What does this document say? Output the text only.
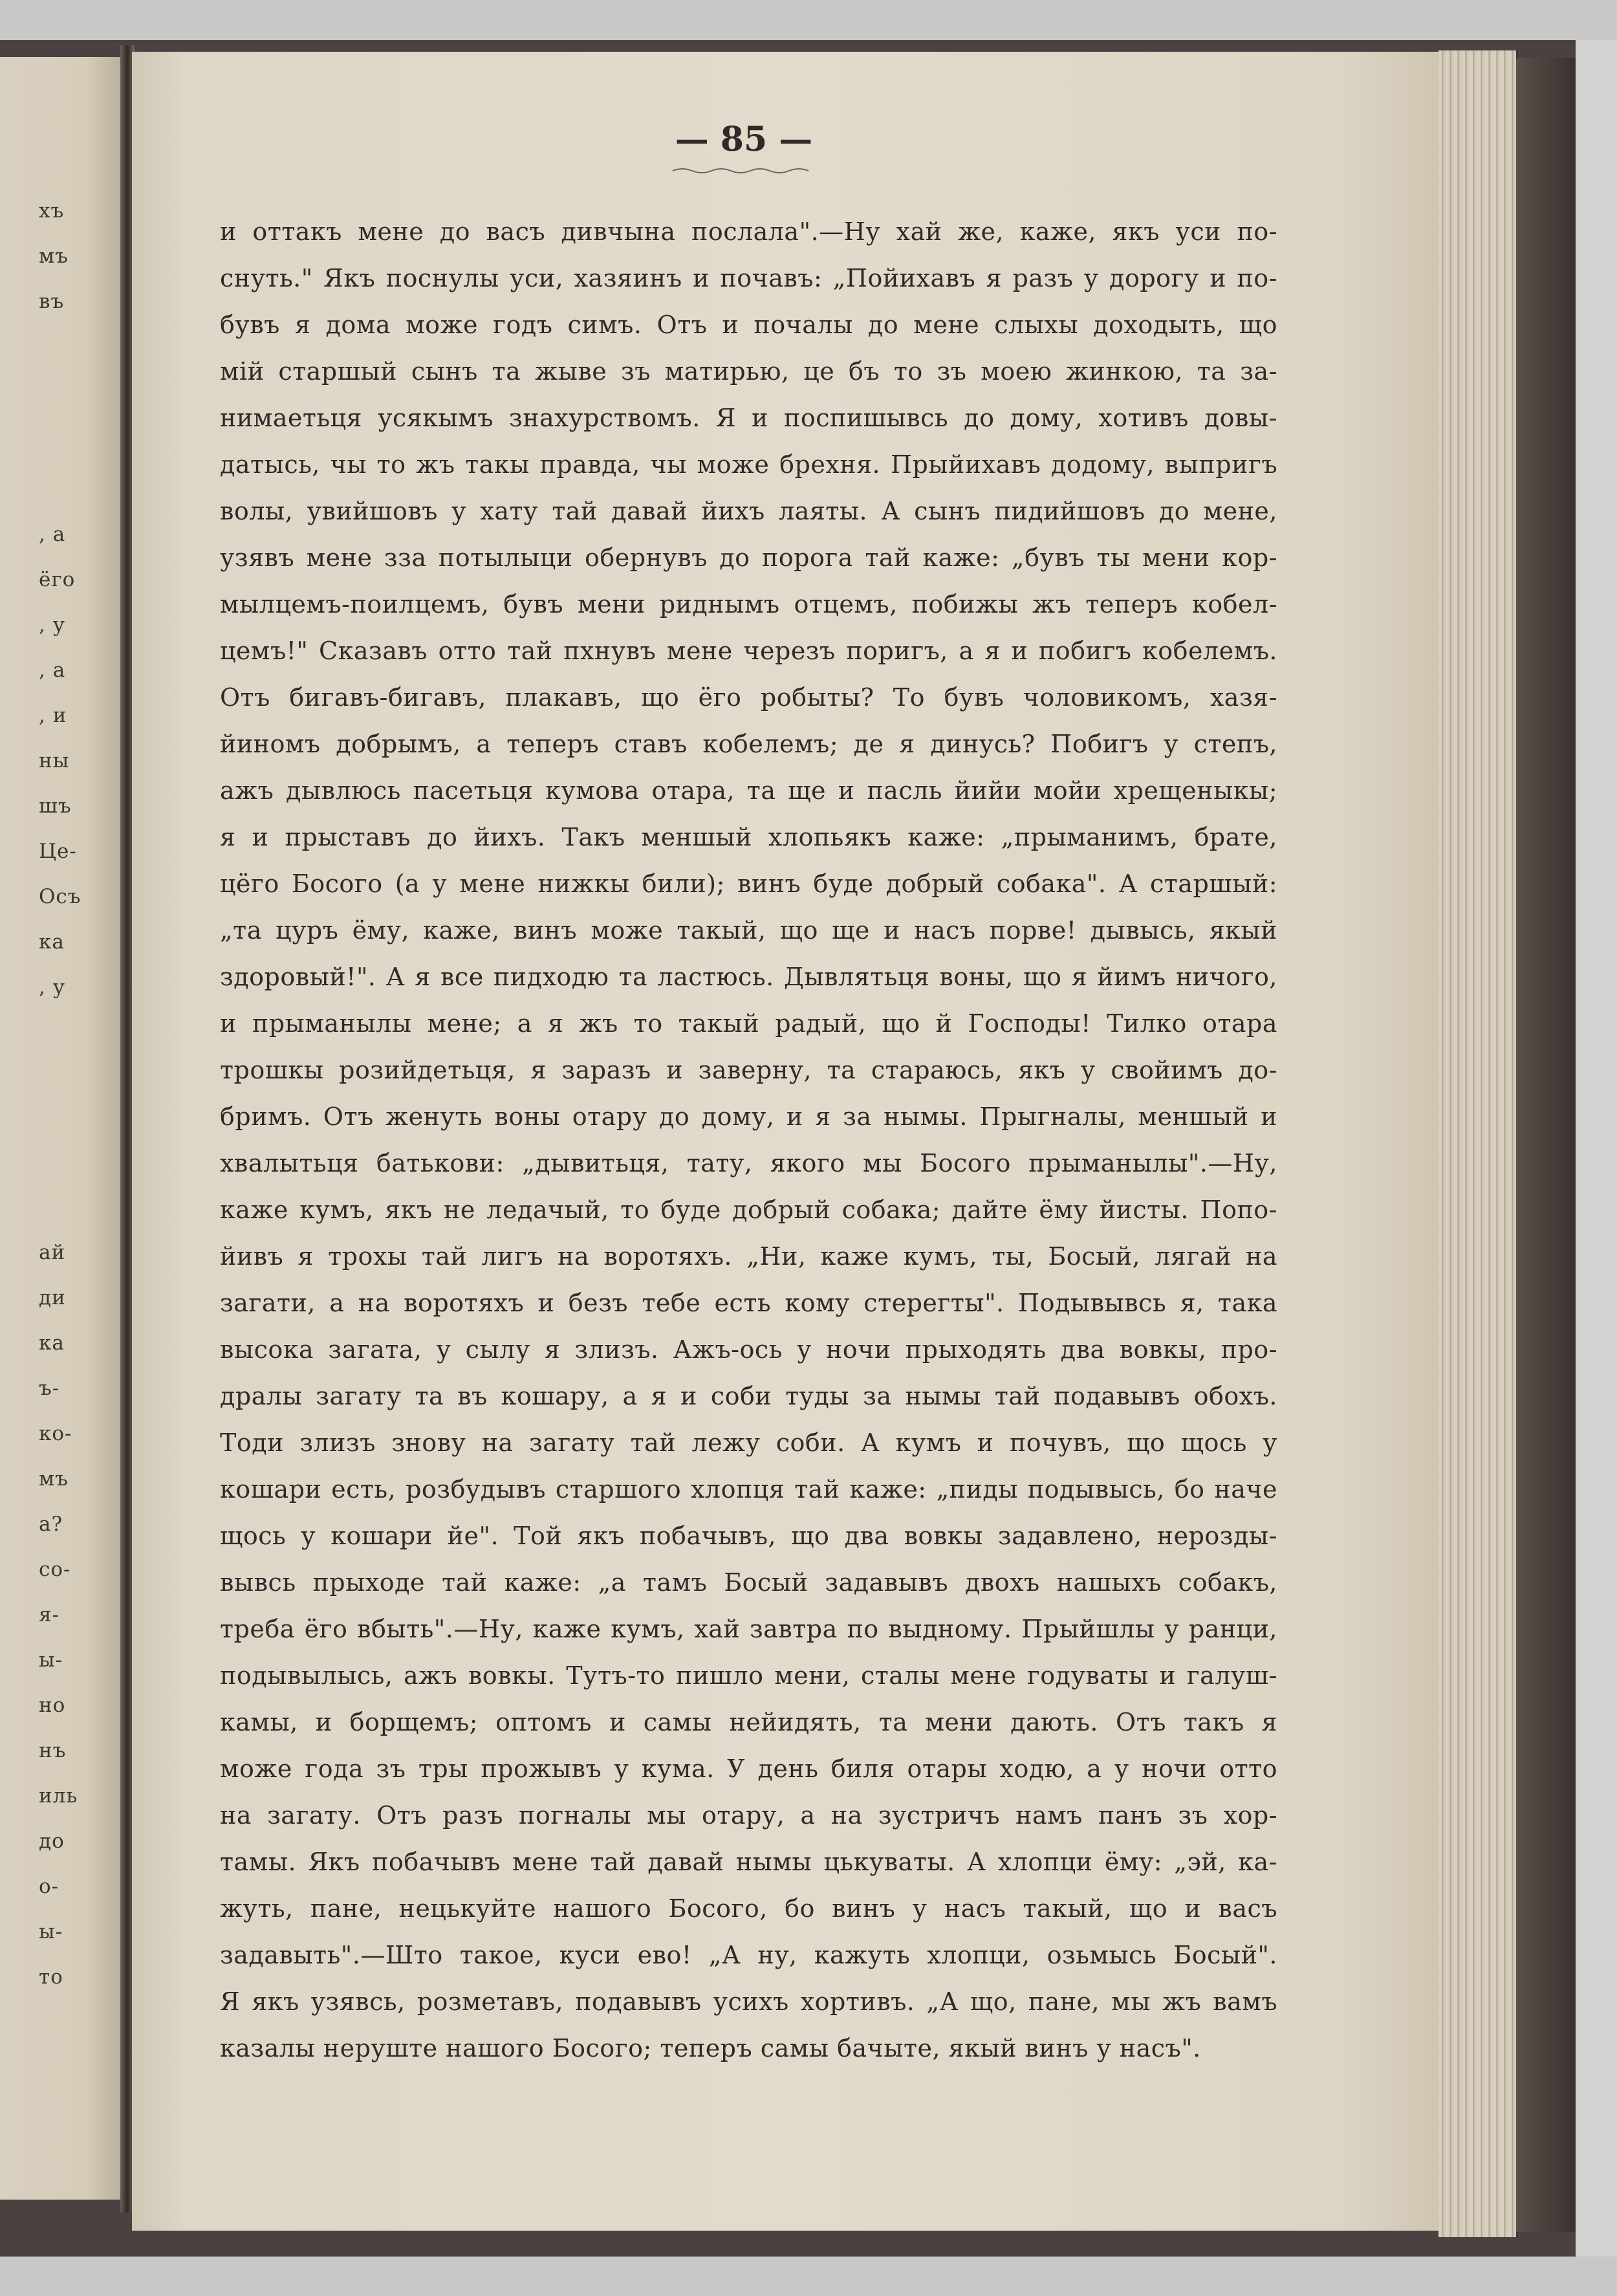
хъ
мъ
въ
, а
ёго
, у
, а
, и
ны
шъ
Це-
Осъ
ка
, у
ай
ди
ка
ъ-
ко-
мъ
а?
со-
я-
ы-
но
нъ
иль
до
о-
ы-
то
— 85 —
и оттакъ мене до васъ дивчына послала".—Ну хай же, каже, якъ уси по-
снуть." Якъ поснулы уси, хазяинъ и почавъ: „Пойихавъ я разъ у дорогу и по-
бувъ я дома може годъ симъ. Отъ и почалы до мене слыхы доходыть, що
мій старшый сынъ та жыве зъ матирью, це бъ то зъ моею жинкою, та за-
нимаетьця усякымъ знахурствомъ. Я и поспишывсь до дому, хотивъ довы-
датысь, чы то жъ такы правда, чы може брехня. Прыйихавъ додому, выпригъ
волы, увийшовъ у хату тай давай йихъ лаяты. А сынъ пидийшовъ до мене,
узявъ мене зза потылыци обернувъ до порога тай каже: „бувъ ты мени кор-
мылцемъ-поилцемъ, бувъ мени риднымъ отцемъ, побижы жъ теперъ кобел-
цемъ!" Сказавъ отто тай пхнувъ мене черезъ поригъ, а я и побигъ кобелемъ.
Отъ бигавъ-бигавъ, плакавъ, що ёго робыты? То бувъ чоловикомъ, хазя-
йиномъ добрымъ, а теперъ ставъ кобелемъ; де я динусь? Побигъ у степъ,
ажъ дывлюсь пасетьця кумова отара, та ще и пасль йийи мойи хрещеныкы;
я и прыставъ до йихъ. Такъ меншый хлопьякъ каже: „прыманимъ, брате,
цёго Босого (а у мене нижкы били); винъ буде добрый собака". А старшый:
„та цуръ ёму, каже, винъ може такый, що ще и насъ порве! дывысь, якый
здоровый!". А я все пидходю та ластюсь. Дывлятьця воны, що я йимъ ничого,
и прыманылы мене; а я жъ то такый радый, що й Господы! Тилко отара
трошкы розийдетьця, я заразъ и заверну, та стараюсь, якъ у свойимъ до-
бримъ. Отъ женуть воны отару до дому, и я за нымы. Прыгналы, меншый и
хвалытьця батькови: „дывитьця, тату, якого мы Босого прыманылы".—Ну,
каже кумъ, якъ не ледачый, то буде добрый собака; дайте ёму йисты. Попо-
йивъ я трохы тай лигъ на воротяхъ. „Ни, каже кумъ, ты, Босый, лягай на
загати, а на воротяхъ и безъ тебе есть кому стерегты". Подывывсь я, така
высока загата, у сылу я злизъ. Ажъ-ось у ночи прыходять два вовкы, про-
дралы загату та въ кошару, а я и соби туды за нымы тай подавывъ обохъ.
Тоди злизъ знову на загату тай лежу соби. А кумъ и почувъ, що щось у
кошари есть, розбудывъ старшого хлопця тай каже: „пиды подывысь, бо наче
щось у кошари йе". Той якъ побачывъ, що два вовкы задавлено, нерозды-
вывсь прыходе тай каже: „а тамъ Босый задавывъ двохъ нашыхъ собакъ,
треба ёго вбыть".—Ну, каже кумъ, хай завтра по выдному. Прыйшлы у ранци,
подывылысь, ажъ вовкы. Тутъ-то пишло мени, сталы мене годуваты и галуш-
камы, и борщемъ; оптомъ и самы нейидять, та мени дають. Отъ такъ я
може года зъ тры прожывъ у кума. У день биля отары ходю, а у ночи отто
на загату. Отъ разъ погналы мы отару, а на зустричъ намъ панъ зъ хор-
тамы. Якъ побачывъ мене тай давай нымы цькуваты. А хлопци ёму: „эй, ка-
жуть, пане, нецькуйте нашого Босого, бо винъ у насъ такый, що и васъ
задавыть".—Што такое, куси ево! „А ну, кажуть хлопци, озьмысь Босый".
Я якъ узявсь, розметавъ, подавывъ усихъ хортивъ. „А що, пане, мы жъ вамъ
казалы неруште нашого Босого; теперъ самы бачыте, якый винъ у насъ".
